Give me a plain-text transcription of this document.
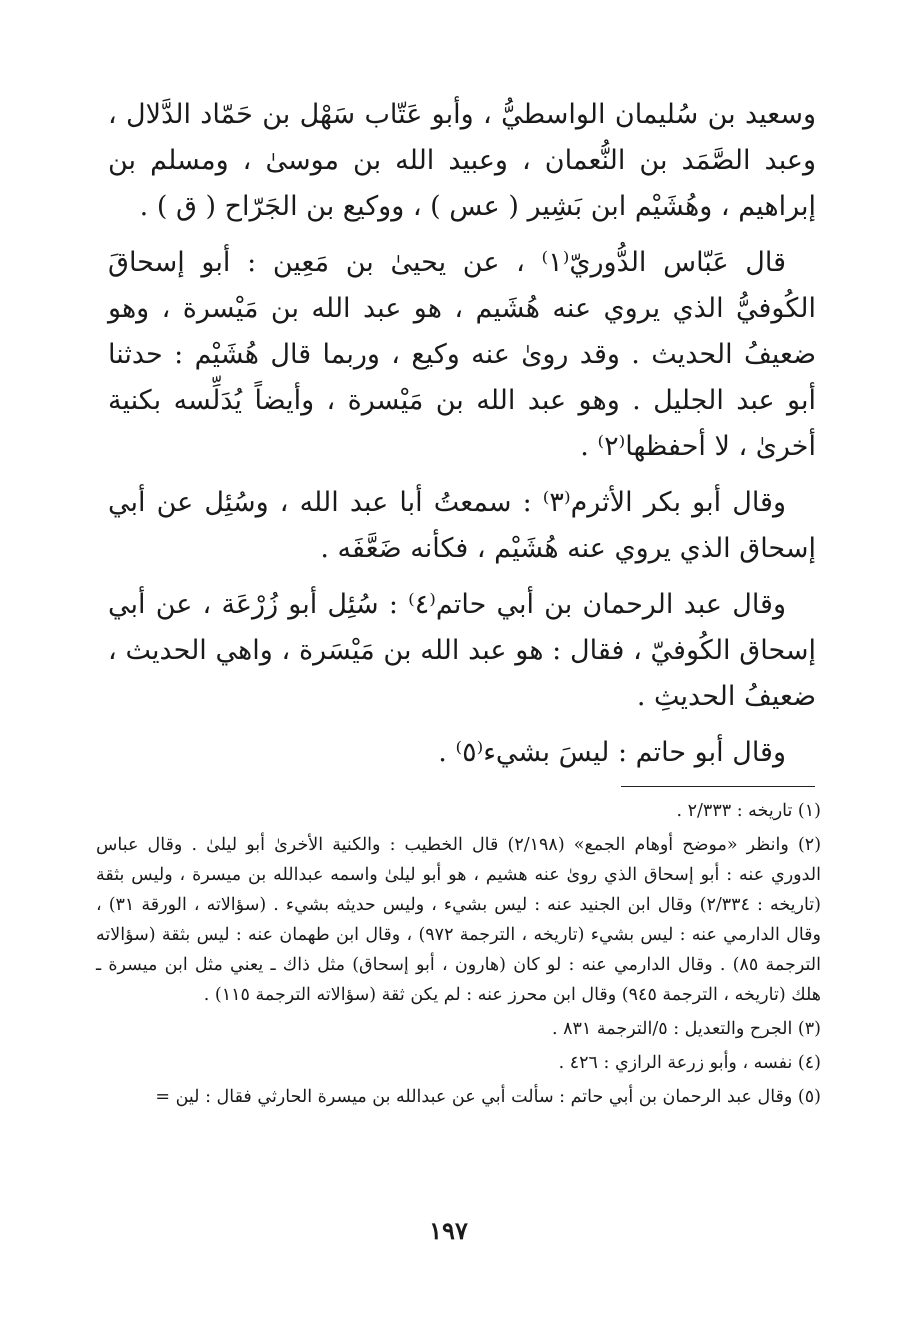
وسعيد بن سُليمان الواسطيُّ ، وأبو عَتّاب سَهْل بن حَمّاد الدَّلال ، وعبد الصَّمَد بن النُّعمان ، وعبيد الله بن موسىٰ ، ومسلم بن إبراهيم ، وهُشَيْم ابن بَشِير ( عس ) ، ووكيع بن الجَرّاح ( ق ) .

قال عَبّاس الدُّوريّ⁽١⁾ ، عن يحيىٰ بن مَعِين : أبو إسحاقَ الكُوفيُّ الذي يروي عنه هُشَيم ، هو عبد الله بن مَيْسرة ، وهو ضعيفُ الحديث . وقد روىٰ عنه وكيع ، وربما قال هُشَيْم : حدثنا أبو عبد الجليل . وهو عبد الله بن مَيْسرة ، وأيضاً يُدَلِّسه بكنية أخرىٰ ، لا أحفظها⁽٢⁾ .

وقال أبو بكر الأثرم⁽٣⁾ : سمعتُ أبا عبد الله ، وسُئِل عن أبي إسحاق الذي يروي عنه هُشَيْم ، فكأنه ضَعَّفَه .

وقال عبد الرحمان بن أبي حاتم⁽٤⁾ : سُئِل أبو زُرْعَة ، عن أبي إسحاق الكُوفيّ ، فقال : هو عبد الله بن مَيْسَرة ، واهي الحديث ، ضعيفُ الحديثِ .

وقال أبو حاتم : ليسَ بشيء⁽٥⁾ .

(١) تاريخه : ٢/٣٣٣ .

(٢) وانظر «موضح أوهام الجمع» (٢/١٩٨) قال الخطيب : والكنية الأخرىٰ أبو ليلىٰ . وقال عباس الدوري عنه : أبو إسحاق الذي روىٰ عنه هشيم ، هو أبو ليلىٰ واسمه عبدالله بن ميسرة ، وليس بثقة (تاريخه : ٢/٣٣٤) وقال ابن الجنيد عنه : ليس بشيء ، وليس حديثه بشيء . (سؤالاته ، الورقة ٣١) ، وقال الدارمي عنه : ليس بشيء (تاريخه ، الترجمة ٩٧٢) ، وقال ابن طهمان عنه : ليس بثقة (سؤالاته الترجمة ٨٥) . وقال الدارمي عنه : لو كان (هارون ، أبو إسحاق) مثل ذاك ـ يعني مثل ابن ميسرة ـ هلك (تاريخه ، الترجمة ٩٤٥) وقال ابن محرز عنه : لم يكن ثقة (سؤالاته الترجمة ١١٥) .

(٣) الجرح والتعديل : ٥/الترجمة ٨٣١ .

(٤) نفسه ، وأبو زرعة الرازي : ٤٢٦ .

(٥) وقال عبد الرحمان بن أبي حاتم : سألت أبي عن عبدالله بن ميسرة الحارثي فقال : لين =

١٩٧
